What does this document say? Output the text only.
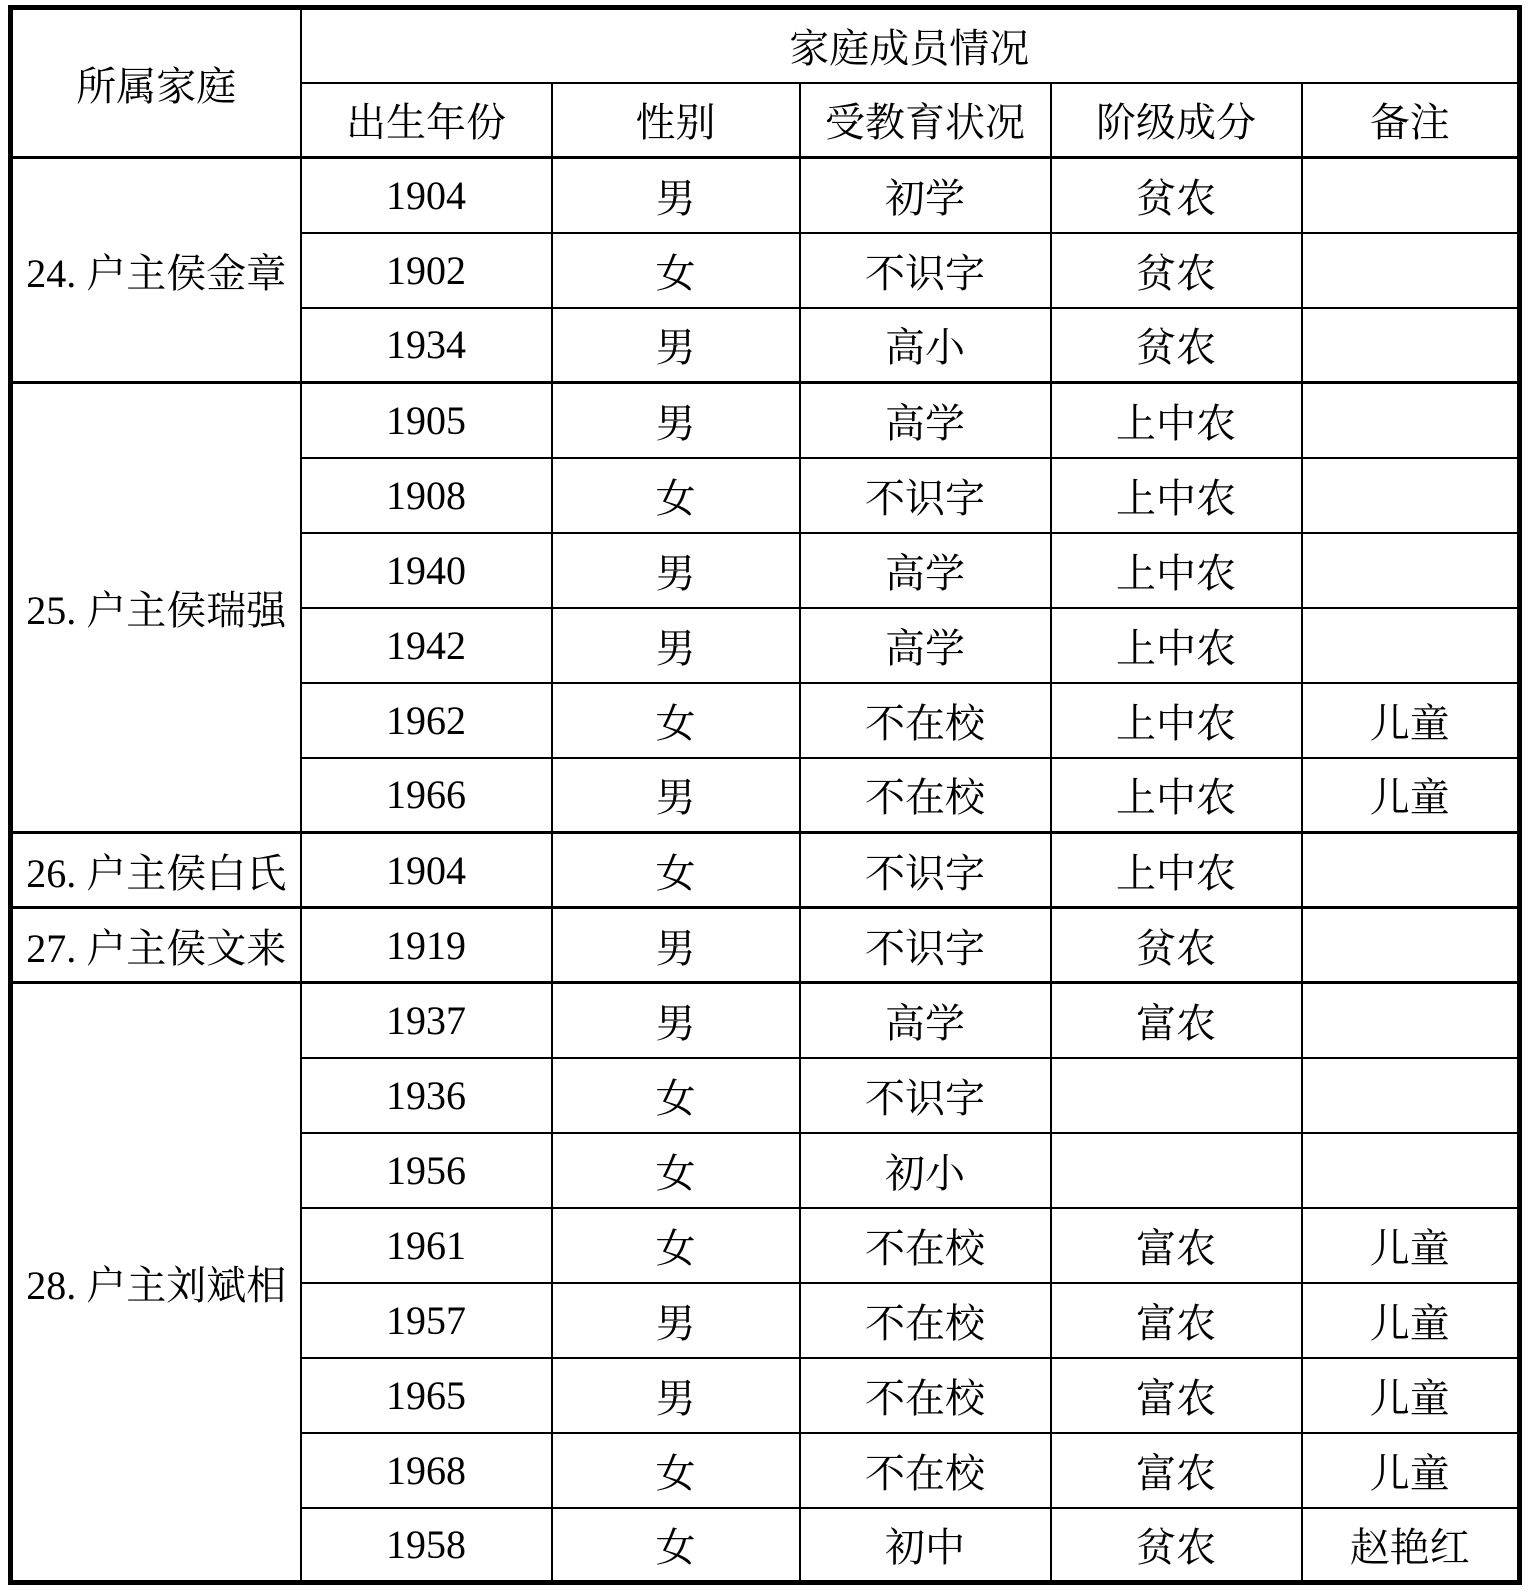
所属家庭	家庭成员情况				
	出生年份	性别	受教育状况	阶级成分	备注
24. 户主侯金章	1904	男	初学	贫农	
	1902	女	不识字	贫农	
	1934	男	高小	贫农	
25. 户主侯瑞强	1905	男	高学	上中农	
	1908	女	不识字	上中农	
	1940	男	高学	上中农	
	1942	男	高学	上中农	
	1962	女	不在校	上中农	儿童
	1966	男	不在校	上中农	儿童
26. 户主侯白氏	1904	女	不识字	上中农	
27. 户主侯文来	1919	男	不识字	贫农	
28. 户主刘斌相	1937	男	高学	富农	
	1936	女	不识字		
	1956	女	初小		
	1961	女	不在校	富农	儿童
	1957	男	不在校	富农	儿童
	1965	男	不在校	富农	儿童
	1968	女	不在校	富农	儿童
	1958	女	初中	贫农	赵艳红
